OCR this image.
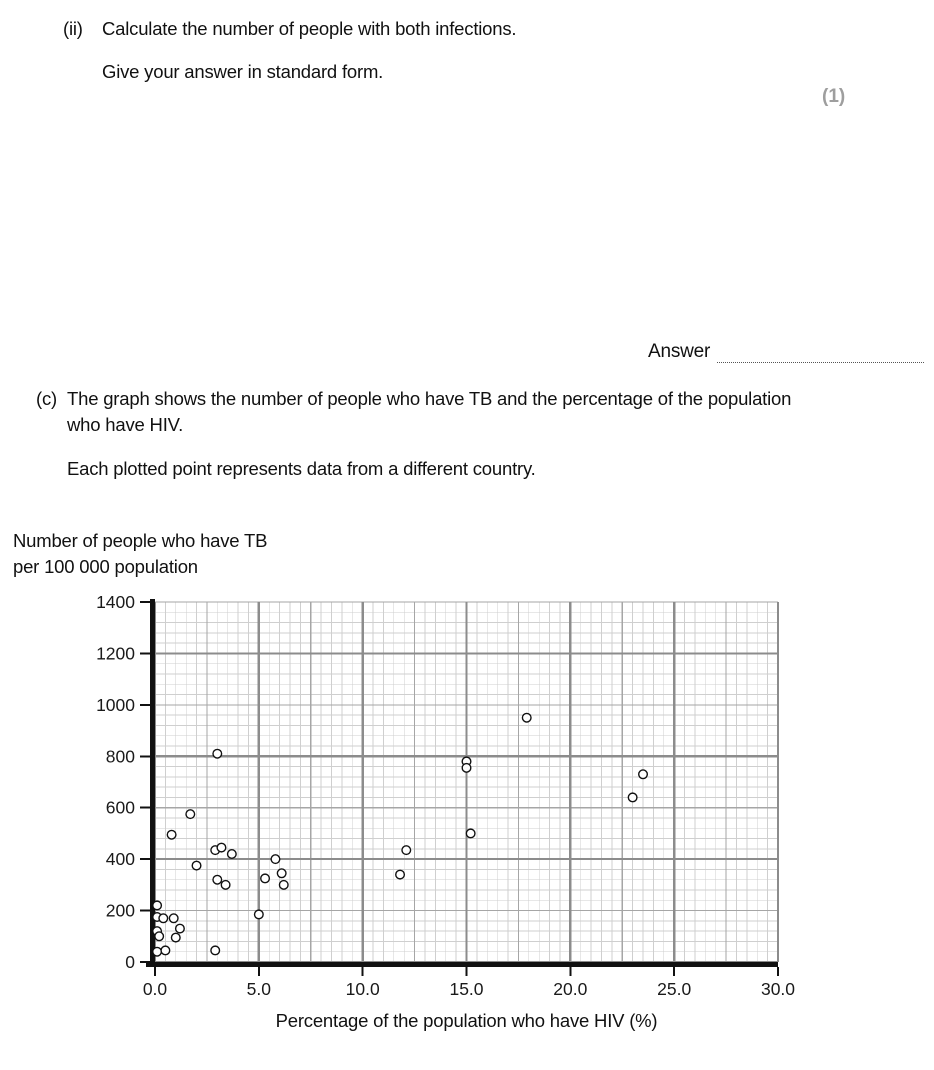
(ii) Calculate the number of people with both infections.
Give your answer in standard form.
(1)
Answer
(c) The graph shows the number of people who have TB and the percentage of the population who have HIV.
Each plotted point represents data from a different country.
Number of people who have TB
per 100 000 population
0
200
400
600
800
1000
1200
1400
0.0	5.0	10.0	15.0	20.0	25.0	30.0
Percentage of the population who have HIV (%)
